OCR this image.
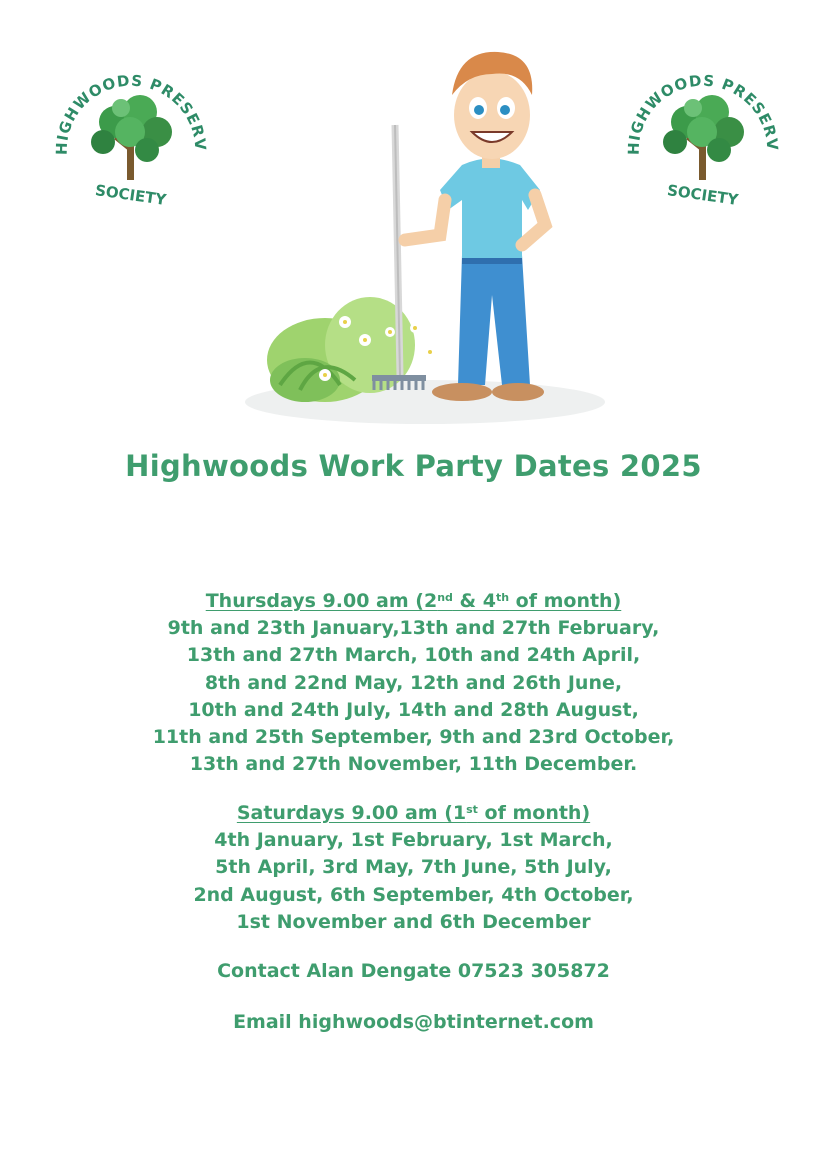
HIGHWOODS PRESERV
SOCIETY
HIGHWOODS PRESERV
SOCIETY
Highwoods Work Party Dates 2025
Thursdays 9.00 am (2nd & 4th of month)
9th and 23th January,13th and 27th February,
13th and 27th March, 10th and 24th April,
8th and 22nd May, 12th and 26th June,
10th and 24th July, 14th and 28th August,
11th and 25th September, 9th and 23rd October,
13th and 27th November, 11th December.
Saturdays 9.00 am (1st of month)
4th January, 1st February, 1st March,
5th April, 3rd May, 7th June, 5th July,
2nd August, 6th September, 4th October,
1st November and 6th December
Contact Alan Dengate 07523 305872
Email highwoods@btinternet.com
